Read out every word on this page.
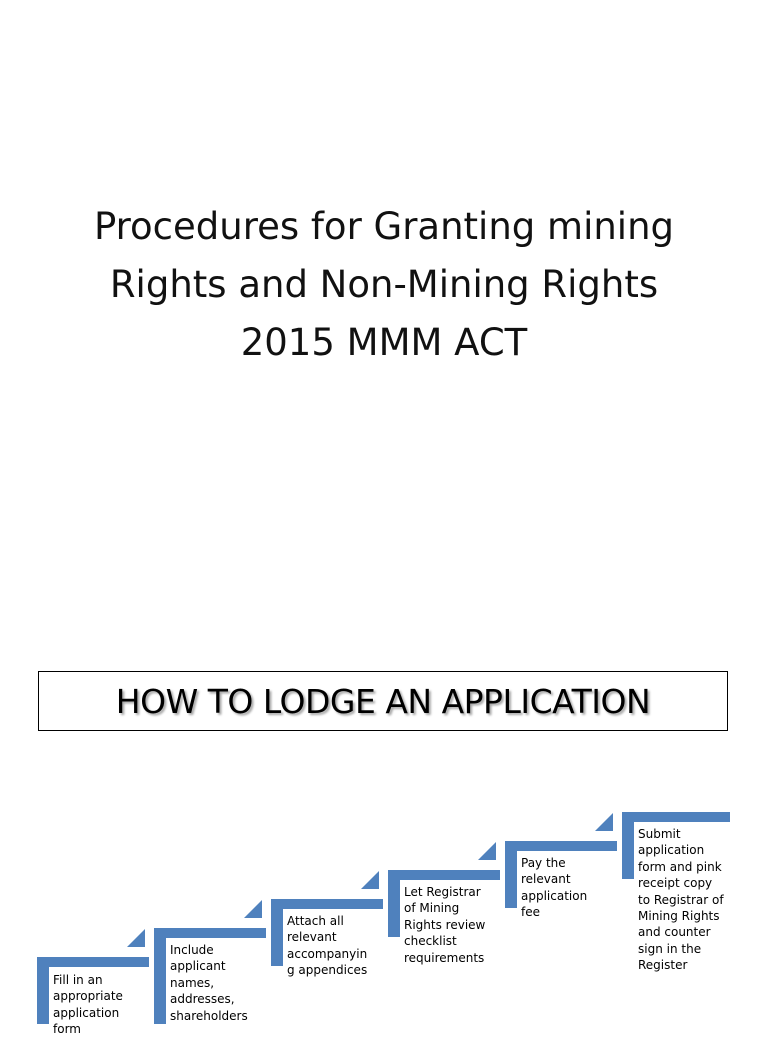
Procedures for Granting mining
Rights and Non-Mining Rights
2015 MMM ACT
HOW TO LODGE AN APPLICATION
Fill in an
appropriate
application
form
Include
applicant
names,
addresses,
shareholders
Attach all
relevant
accompanyin
g appendices
Let Registrar
of Mining
Rights review
checklist
requirements
Pay the
relevant
application
fee
Submit
application
form and pink
receipt copy
to Registrar of
Mining Rights
and counter
sign in the
Register
